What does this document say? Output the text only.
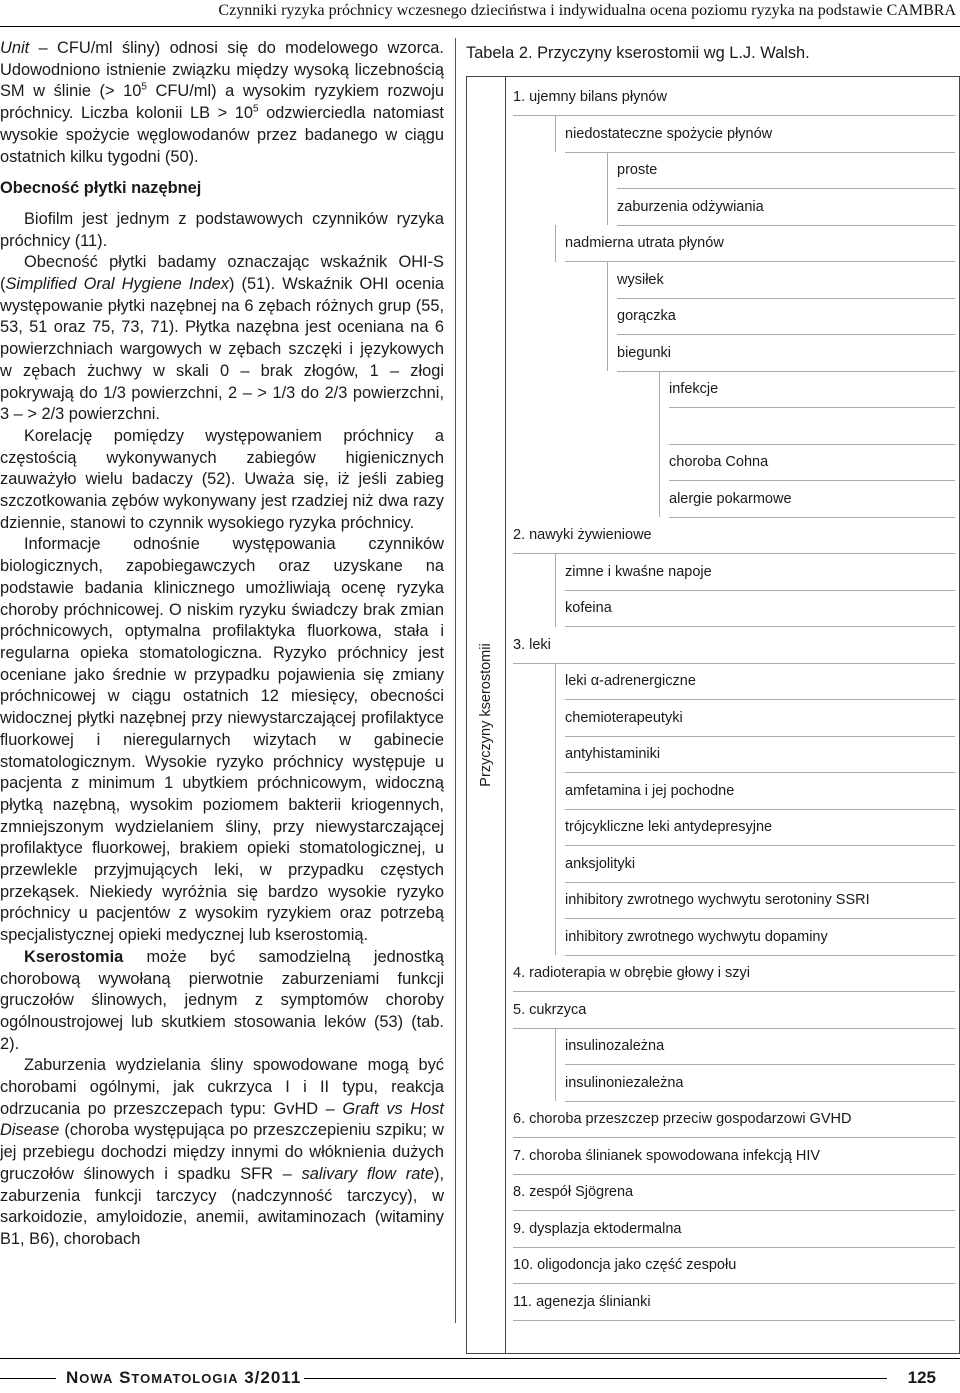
Czynniki ryzyka próchnicy wczesnego dzieciństwa i indywidualna ocena poziomu ryzyka na podstawie CAMBRA

Unit – CFU/ml śliny) odnosi się do modelowego wzorca. Udowodniono istnienie związku między wysoką liczebnością SM w ślinie (> $10^5$ CFU/ml) a wysokim ryzykiem rozwoju próchnicy. Liczba kolonii LB > $10^5$ odzwierciedla natomiast wysokie spożycie węglowodanów przez badanego w ciągu ostatnich kilku tygodni (50).

Obecność płytki nazębnej

Biofilm jest jednym z podstawowych czynników ryzyka próchnicy (11).

Obecność płytki badamy oznaczając wskaźnik OHI-S (Simplified Oral Hygiene Index) (51). Wskaźnik OHI ocenia występowanie płytki nazębnej na 6 zębach różnych grup (55, 53, 51 oraz 75, 73, 71). Płytka nazębna jest oceniana na 6 powierzchniach wargowych w zębach szczęki i językowych w zębach żuchwy w skali 0 – brak złogów, 1 – złogi pokrywają do 1/3 powierzchni, 2 – > 1/3 do 2/3 powierzchni, 3 – > 2/3 powierzchni.

Korelację pomiędzy występowaniem próchnicy a częstością wykonywanych zabiegów higienicznych zauważyło wielu badaczy (52). Uważa się, iż jeśli zabieg szczotkowania zębów wykonywany jest rzadziej niż dwa razy dziennie, stanowi to czynnik wysokiego ryzyka próchnicy.

Informacje odnośnie występowania czynników biologicznych, zapobiegawczych oraz uzyskane na podstawie badania klinicznego umożliwiają ocenę ryzyka choroby próchnicowej. O niskim ryzyku świadczy brak zmian próchnicowych, optymalna profilaktyka fluorkowa, stała i regularna opieka stomatologiczna. Ryzyko próchnicy jest oceniane jako średnie w przypadku pojawienia się zmiany próchnicowej w ciągu ostatnich 12 miesięcy, obecności widocznej płytki nazębnej przy niewystarczającej profilaktyce fluorkowej i nieregularnych wizytach w gabinecie stomatologicznym. Wysokie ryzyko próchnicy występuje u pacjenta z minimum 1 ubytkiem próchnicowym, widoczną płytką nazębną, wysokim poziomem bakterii kriogennych, zmniejszonym wydzielaniem śliny, przy niewystarczającej profilaktyce fluorkowej, brakiem opieki stomatologicznej, u przewlekle przyjmujących leki, w przypadku częstych przekąsek. Niekiedy wyróżnia się bardzo wysokie ryzyko próchnicy u pacjentów z wysokim ryzykiem oraz potrzebą specjalistycznej opieki medycznej lub kserostomią.

Kserostomia może być samodzielną jednostką chorobową wywołaną pierwotnie zaburzeniami funkcji gruczołów ślinowych, jednym z symptomów choroby ogólnoustrojowej lub skutkiem stosowania leków (53) (tab. 2).

Zaburzenia wydzielania śliny spowodowane mogą być chorobami ogólnymi, jak cukrzyca I i II typu, reakcja odrzucania po przeszczepach typu: GvHD – Graft vs Host Disease (choroba występująca po przeszczepieniu szpiku; w jej przebiegu dochodzi między innymi do włóknienia dużych gruczołów ślinowych i spadku SFR – salivary flow rate), zaburzenia funkcji tarczycy (nadczynność tarczycy), w sarkoidozie, amyloidozie, anemii, awitaminozach (witaminy B1, B6), chorobach

Tabela 2. Przyczyny kserostomii wg L.J. Walsh.

Przyczyny kserostomii
1. ujemny bilans płynów
niedostateczne spożycie płynów
proste
zaburzenia odżywiania
nadmierna utrata płynów
wysiłek
gorączka
biegunki
infekcje
choroba Cohna
alergie pokarmowe
2. nawyki żywieniowe
zimne i kwaśne napoje
kofeina
3. leki
leki α-adrenergiczne
chemioterapeutyki
antyhistaminiki
amfetamina i jej pochodne
trójcykliczne leki antydepresyjne
anksjolityki
inhibitory zwrotnego wychwytu serotoniny SSRI
inhibitory zwrotnego wychwytu dopaminy
4. radioterapia w obrębie głowy i szyi
5. cukrzyca
insulinozależna
insulinoniezależna
6. choroba przeszczep przeciw gospodarzowi GVHD
7. choroba ślinianek spowodowana infekcją HIV
8. zespół Sjögrena
9. dysplazja ektodermalna
10. oligodoncja jako część zespołu
11. agenezja ślinianki
NOWA STOMATOLOGIA 3/2011	125
